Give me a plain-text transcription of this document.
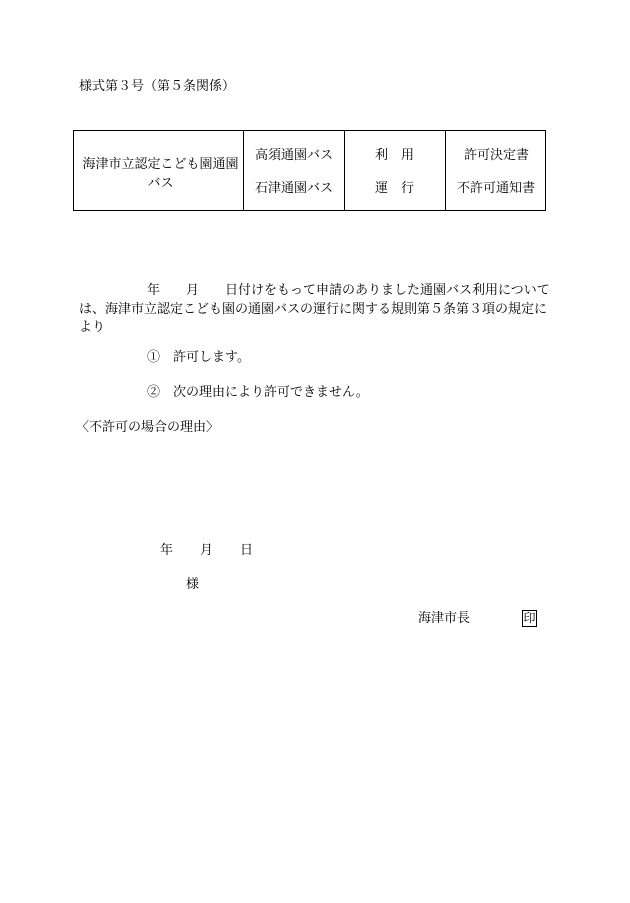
様式第３号（第５条関係）
海津市立認定こども園通園バス
高須通園バス
石津通園バス
利　用
運　行
許可決定書
不許可通知書
年 月 日付けをもって申請のありました通園バス利用については、海津市立認定こども園の通園バスの運行に関する規則第５条第３項の規定により
①　許可します。
②　次の理由により許可できません。
〈不許可の場合の理由〉
年 月 日
様
海津市長	印
